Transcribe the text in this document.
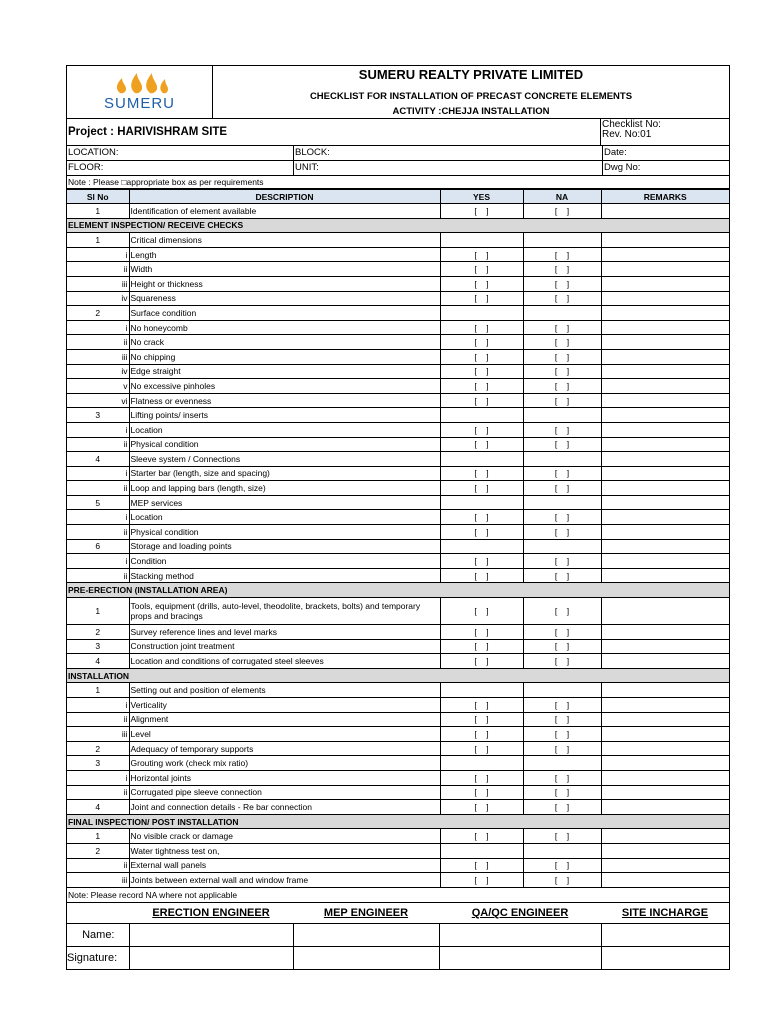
SUMERU
SUMERU REALTY PRIVATE LIMITED
CHECKLIST FOR INSTALLATION OF PRECAST CONCRETE ELEMENTS
ACTIVITY :CHEJJA INSTALLATION
Project : HARIVISHRAM SITE
Checklist No:
Rev. No:01
LOCATION:	BLOCK:	Date:
FLOOR:	UNIT:	Dwg No:
Note : Please □appropriate box as per requirements
Sl No	DESCRIPTION	YES	NA	REMARKS
1	Identification of element available	[    ]	[    ]	
ELEMENT INSPECTION/ RECEIVE CHECKS				
1	Critical dimensions			
i	Length	[    ]	[    ]	
ii	Width	[    ]	[    ]	
iii	Height or thickness	[    ]	[    ]	
iv	Squareness	[    ]	[    ]	
2	Surface condition			
i	No honeycomb	[    ]	[    ]	
ii	No crack	[    ]	[    ]	
iii	No chipping	[    ]	[    ]	
iv	Edge straight	[    ]	[    ]	
v	No excessive pinholes	[    ]	[    ]	
vi	Flatness or evenness	[    ]	[    ]	
3	Lifting points/ inserts			
i	Location	[    ]	[    ]	
ii	Physical condition	[    ]	[    ]	
4	Sleeve system / Connections			
i	Starter bar (length, size and spacing)	[    ]	[    ]	
ii	Loop and lapping bars (length, size)	[    ]	[    ]	
5	MEP services			
i	Location	[    ]	[    ]	
ii	Physical condition	[    ]	[    ]	
6	Storage and loading points			
i	Condition	[    ]	[    ]	
ii	Stacking method	[    ]	[    ]	
PRE-ERECTION (INSTALLATION AREA)				
1	Tools, equipment (drills, auto-level, theodolite, brackets, bolts) and temporary props and bracings	[    ]	[    ]	
2	Survey reference lines and level marks	[    ]	[    ]	
3	Construction joint treatment	[    ]	[    ]	
4	Location and conditions of corrugated steel sleeves	[    ]	[    ]	
INSTALLATION				
1	Setting out and position of elements			
i	Verticality	[    ]	[    ]	
ii	Alignment	[    ]	[    ]	
iii	Level	[    ]	[    ]	
2	Adequacy of temporary supports	[    ]	[    ]	
3	Grouting work (check mix ratio)			
i	Horizontal joints	[    ]	[    ]	
ii	Corrugated pipe sleeve connection	[    ]	[    ]	
4	Joint and connection details - Re bar connection	[    ]	[    ]	
FINAL INSPECTION/ POST INSTALLATION				
1	No visible crack or damage	[    ]	[    ]	
2	Water tightness test on,			
ii	External wall panels	[    ]	[    ]	
iii	Joints between external wall and window frame	[    ]	[    ]	
Note: Please record NA where not applicable
	ERECTION ENGINEER	MEP ENGINEER	QA/QC ENGINEER	SITE INCHARGE
Name:				
Signature:				
